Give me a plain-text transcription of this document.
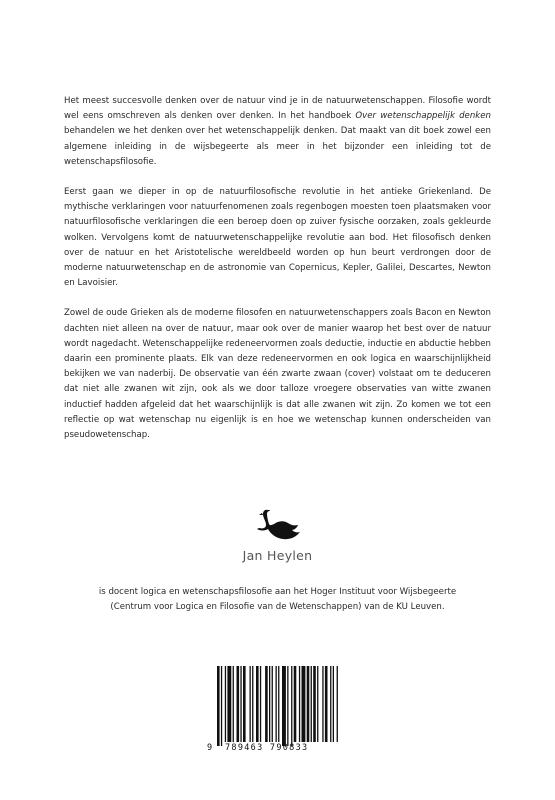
Het meest succesvolle denken over de natuur vind je in de natuurwetenschappen. Filosofie wordt wel eens omschreven als denken over denken. In het handboek Over wetenschappelijk denken behandelen we het denken over het wetenschappelijk denken. Dat maakt van dit boek zowel een algemene inleiding in de wijsbegeerte als meer in het bijzonder een inleiding tot de wetenschapsfilosofie.

Eerst gaan we dieper in op de natuurfilosofische revolutie in het antieke Griekenland. De mythische verklaringen voor natuurfenomenen zoals regenbogen moesten toen plaatsmaken voor natuurfilosofische verklaringen die een beroep doen op zuiver fysische oorzaken, zoals gekleurde wolken. Vervolgens komt de natuurwetenschappelijke revolutie aan bod. Het filosofisch denken over de natuur en het Aristotelische wereldbeeld worden op hun beurt verdrongen door de moderne natuurwetenschap en de astronomie van Copernicus, Kepler, Galilei, Descartes, Newton en Lavoisier.

Zowel de oude Grieken als de moderne filosofen en natuurwetenschappers zoals Bacon en Newton dachten niet alleen na over de natuur, maar ook over de manier waarop het best over de natuur wordt nagedacht. Wetenschappelijke redeneervormen zoals deductie, inductie en abductie hebben daarin een prominente plaats. Elk van deze redeneervormen en ook logica en waarschijnlijkheid bekijken we van naderbij. De observatie van één zwarte zwaan (cover) volstaat om te deduceren dat niet alle zwanen wit zijn, ook als we door talloze vroegere observaties van witte zwanen inductief hadden afgeleid dat het waarschijnlijk is dat alle zwanen wit zijn. Zo komen we tot een reflectie op wat wetenschap nu eigenlijk is en hoe we wetenschap kunnen onderscheiden van pseudowetenschap.

Jan Heylen
is docent logica en wetenschapsfilosofie aan het Hoger Instituut voor Wijsbegeerte
(Centrum voor Logica en Filosofie van de Wetenschappen) van de KU Leuven.
9 789463 790833
